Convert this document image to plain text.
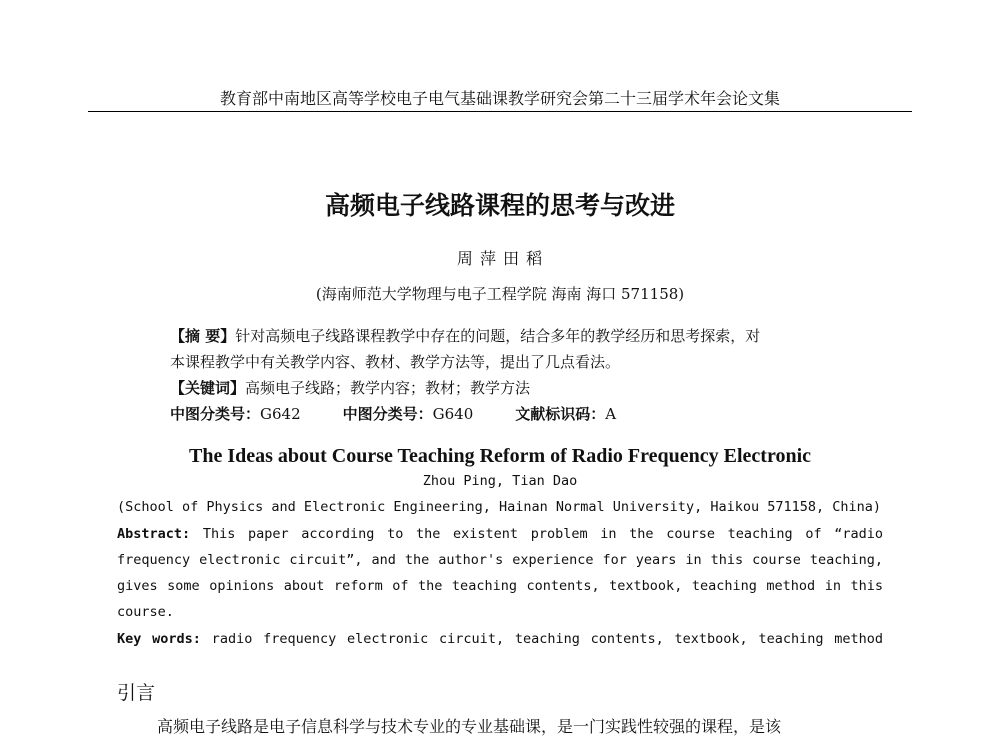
教育部中南地区高等学校电子电气基础课教学研究会第二十三届学术年会论文集
高频电子线路课程的思考与改进
周 萍 田 稻
(海南师范大学物理与电子工程学院 海南 海口 571158)
【摘 要】针对高频电子线路课程教学中存在的问题，结合多年的教学经历和思考探索，对
本课程教学中有关教学内容、教材、教学方法等，提出了几点看法。
【关键词】高频电子线路；教学内容；教材；教学方法
中图分类号：G642	中图分类号：G640	文献标识码：A
The Ideas about Course Teaching Reform of Radio Frequency Electronic
Zhou Ping, Tian Dao
(School of Physics and Electronic Engineering, Hainan Normal University, Haikou 571158, China)
Abstract: This paper according to the existent problem in the course teaching of “radio
frequency electronic circuit”, and the author's experience for years in this course teaching,
gives some opinions about reform of the teaching contents, textbook, teaching method in this
course.
Key words: radio frequency electronic circuit, teaching contents, textbook, teaching method
引言
高频电子线路是电子信息科学与技术专业的专业基础课，是一门实践性较强的课程，是该
